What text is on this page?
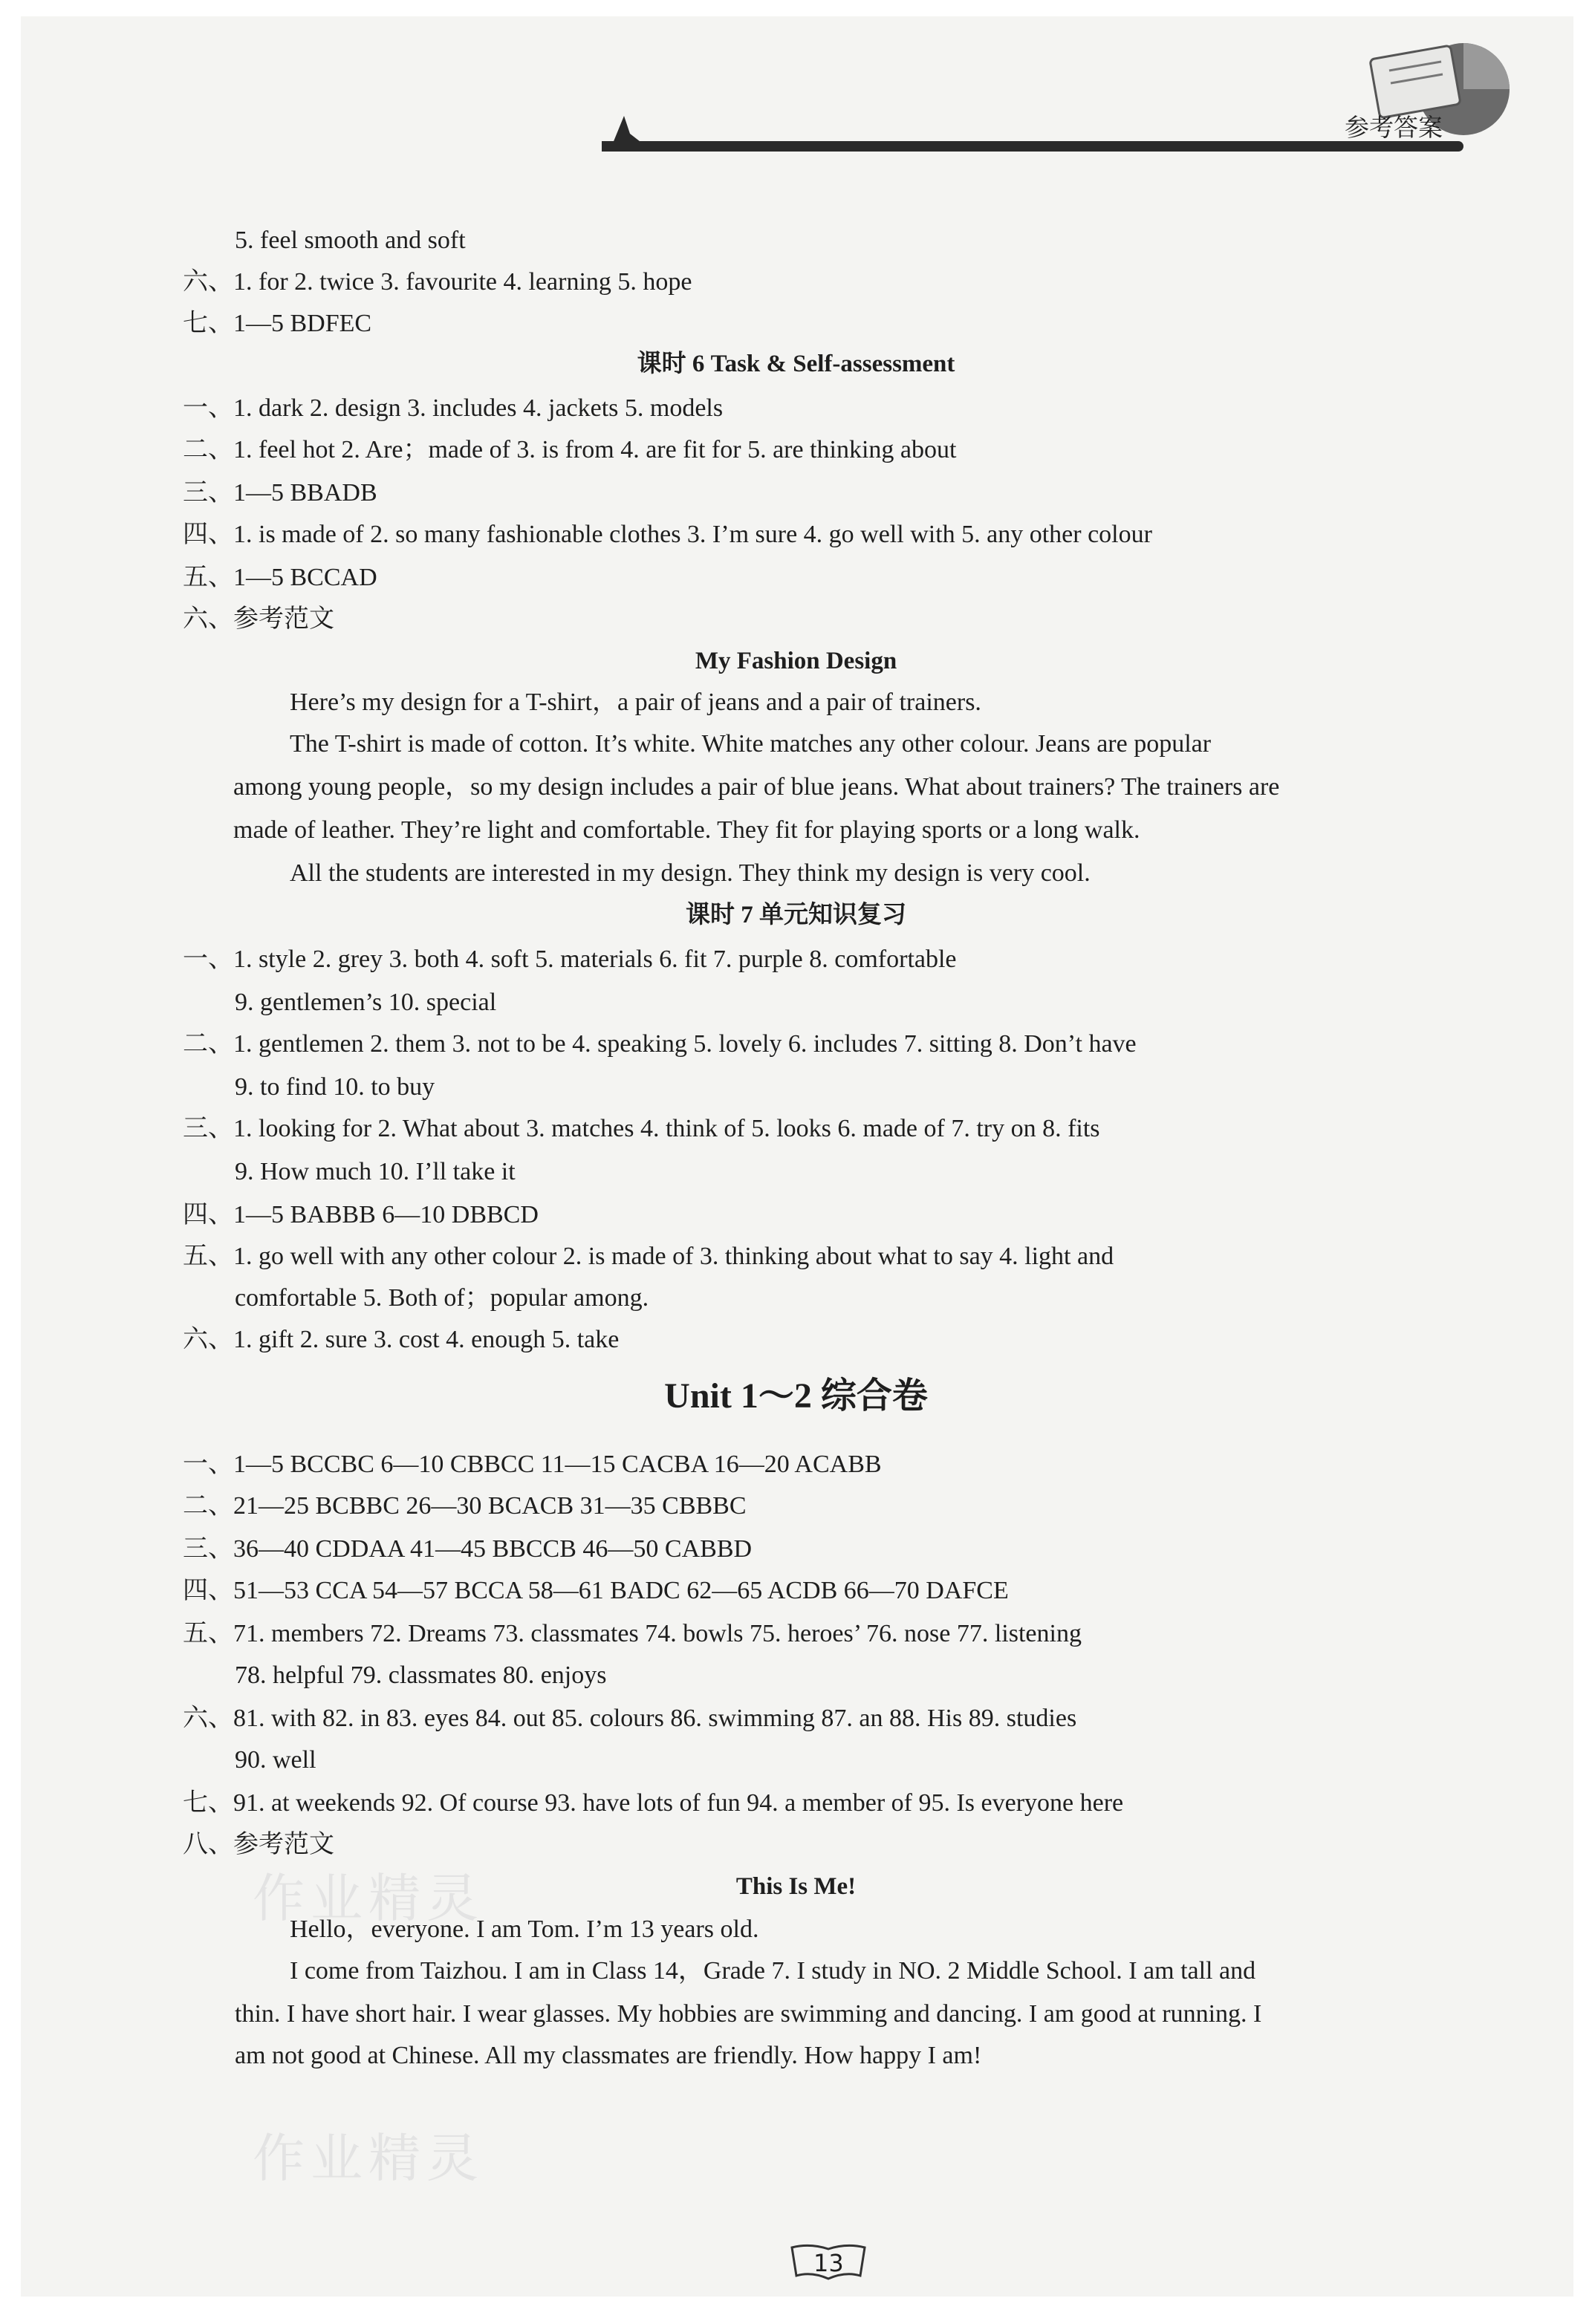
参考答案
5. feel smooth and soft
六、1. for 2. twice 3. favourite 4. learning 5. hope
七、1—5 BDFEC
课时 6 Task & Self-assessment
一、1. dark 2. design 3. includes 4. jackets 5. models
二、1. feel hot 2. Are；made of 3. is from 4. are fit for 5. are thinking about
三、1—5 BBADB
四、1. is made of 2. so many fashionable clothes 3. I’m sure 4. go well with 5. any other colour
五、1—5 BCCAD
六、参考范文
My Fashion Design
Here’s my design for a T-shirt，a pair of jeans and a pair of trainers.
The T-shirt is made of cotton. It’s white. White matches any other colour. Jeans are popular
among young people，so my design includes a pair of blue jeans. What about trainers? The trainers are
made of leather. They’re light and comfortable. They fit for playing sports or a long walk.
All the students are interested in my design. They think my design is very cool.
课时 7 单元知识复习
一、1. style 2. grey 3. both 4. soft 5. materials 6. fit 7. purple 8. comfortable
9. gentlemen’s 10. special
二、1. gentlemen 2. them 3. not to be 4. speaking 5. lovely 6. includes 7. sitting 8. Don’t have
9. to find 10. to buy
三、1. looking for 2. What about 3. matches 4. think of 5. looks 6. made of 7. try on 8. fits
9. How much 10. I’ll take it
四、1—5 BABBB 6—10 DBBCD
五、1. go well with any other colour 2. is made of 3. thinking about what to say 4. light and
comfortable 5. Both of；popular among.
六、1. gift 2. sure 3. cost 4. enough 5. take
Unit 1～2 综合卷
一、1—5 BCCBC 6—10 CBBCC 11—15 CACBA 16—20 ACABB
二、21—25 BCBBC 26—30 BCACB 31—35 CBBBC
三、36—40 CDDAA 41—45 BBCCB 46—50 CABBD
四、51—53 CCA 54—57 BCCA 58—61 BADC 62—65 ACDB 66—70 DAFCE
五、71. members 72. Dreams 73. classmates 74. bowls 75. heroes’ 76. nose 77. listening
78. helpful 79. classmates 80. enjoys
六、81. with 82. in 83. eyes 84. out 85. colours 86. swimming 87. an 88. His 89. studies
90. well
七、91. at weekends 92. Of course 93. have lots of fun 94. a member of 95. Is everyone here
八、参考范文
This Is Me!
Hello，everyone. I am Tom. I’m 13 years old.
I come from Taizhou. I am in Class 14，Grade 7. I study in NO. 2 Middle School. I am tall and
thin. I have short hair. I wear glasses. My hobbies are swimming and dancing. I am good at running. I
am not good at Chinese. All my classmates are friendly. How happy I am!
作业精灵
作业精灵
13
